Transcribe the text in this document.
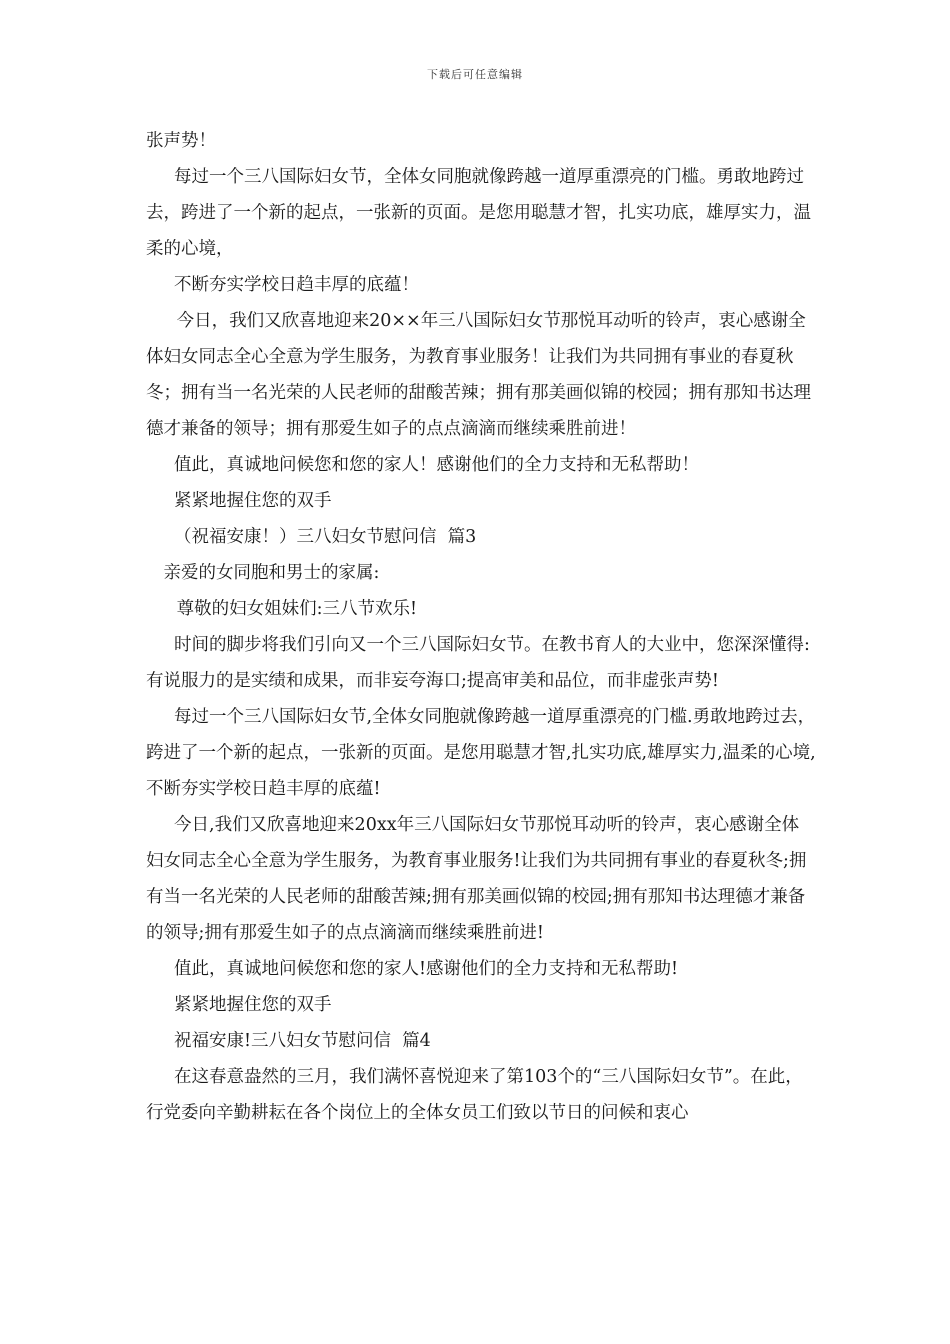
下载后可任意编辑

张声势！

每过一个三八国际妇女节，全体女同胞就像跨越一道厚重漂亮的门槛。勇敢地跨过去，跨进了一个新的起点，一张新的页面。是您用聪慧才智，扎实功底，雄厚实力，温柔的心境，

不断夯实学校日趋丰厚的底蕴！

今日，我们又欣喜地迎来20××年三八国际妇女节那悦耳动听的铃声，衷心感谢全体妇女同志全心全意为学生服务，为教育事业服务！让我们为共同拥有事业的春夏秋冬；拥有当一名光荣的人民老师的甜酸苦辣；拥有那美画似锦的校园；拥有那知书达理德才兼备的领导；拥有那爱生如子的点点滴滴而继续乘胜前进！

值此，真诚地问候您和您的家人！感谢他们的全力支持和无私帮助！

紧紧地握住您的双手

（祝福安康！）三八妇女节慰问信  篇3

亲爱的女同胞和男士的家属:

尊敬的妇女姐妹们:三八节欢乐!

时间的脚步将我们引向又一个三八国际妇女节。在教书育人的大业中，您深深懂得:有说服力的是实绩和成果，而非妄夸海口;提高审美和品位，而非虚张声势!

每过一个三八国际妇女节,全体女同胞就像跨越一道厚重漂亮的门槛.勇敢地跨过去，跨进了一个新的起点，一张新的页面。是您用聪慧才智,扎实功底,雄厚实力,温柔的心境,不断夯实学校日趋丰厚的底蕴!

今日,我们又欣喜地迎来20xx年三八国际妇女节那悦耳动听的铃声，衷心感谢全体妇女同志全心全意为学生服务，为教育事业服务!让我们为共同拥有事业的春夏秋冬;拥有当一名光荣的人民老师的甜酸苦辣;拥有那美画似锦的校园;拥有那知书达理德才兼备的领导;拥有那爱生如子的点点滴滴而继续乘胜前进!

值此，真诚地问候您和您的家人!感谢他们的全力支持和无私帮助!

紧紧地握住您的双手

祝福安康!三八妇女节慰问信  篇4

在这春意盎然的三月，我们满怀喜悦迎来了第103个的“三八国际妇女节”。在此，行党委向辛勤耕耘在各个岗位上的全体女员工们致以节日的问候和衷心
